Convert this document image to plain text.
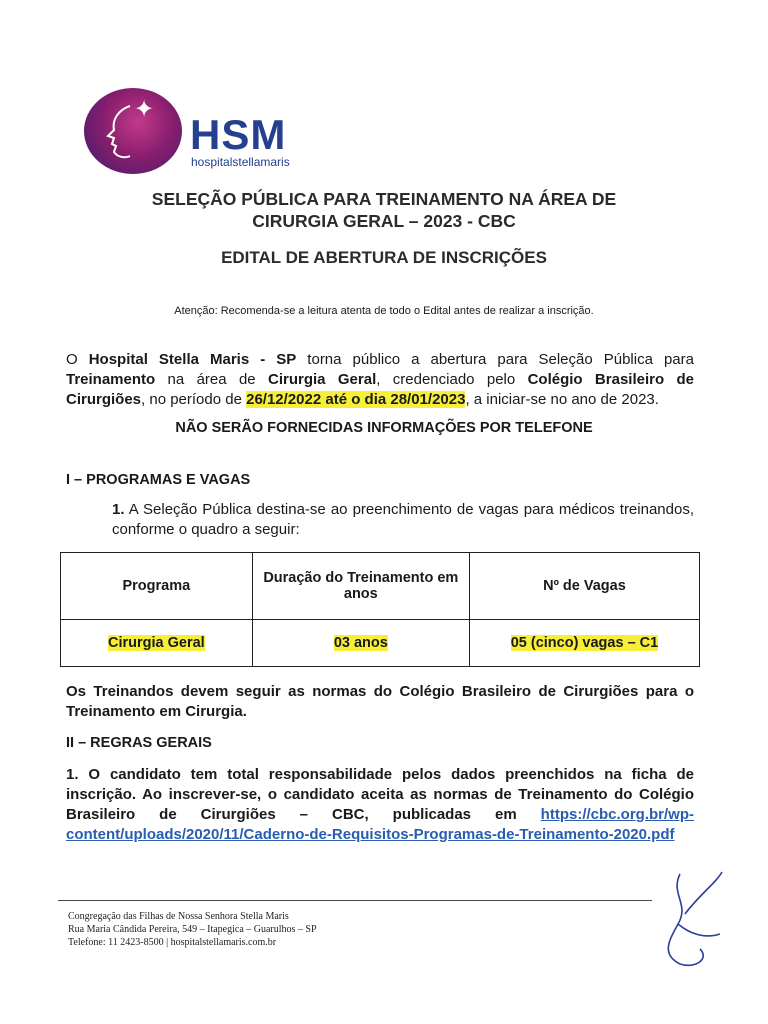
✦
HSM
hospitalstellamaris
SELEÇÃO PÚBLICA PARA TREINAMENTO NA ÁREA DE
CIRURGIA GERAL – 2023 - CBC
EDITAL DE ABERTURA DE INSCRIÇÕES
Atenção: Recomenda-se a leitura atenta de todo o Edital antes de realizar a inscrição.
O Hospital Stella Maris - SP torna público a abertura para Seleção Pública para Treinamento na área de Cirurgia Geral, credenciado pelo Colégio Brasileiro de Cirurgiões, no período de 26/12/2022 até o dia 28/01/2023, a iniciar-se no ano de 2023.
NÃO SERÃO FORNECIDAS INFORMAÇÕES POR TELEFONE
I – PROGRAMAS E VAGAS
1. A Seleção Pública destina-se ao preenchimento de vagas para médicos treinandos, conforme o quadro a seguir:
Programa	Duração do Treinamento em anos	Nº de Vagas
Cirurgia Geral	03 anos	05 (cinco) vagas – C1
Os Treinandos devem seguir as normas do Colégio Brasileiro de Cirurgiões para o Treinamento em Cirurgia.
II – REGRAS GERAIS
1. O candidato tem total responsabilidade pelos dados preenchidos na ficha de inscrição. Ao inscrever-se, o candidato aceita as normas de Treinamento do Colégio Brasileiro de Cirurgiões – CBC, publicadas em https://cbc.org.br/wp-content/uploads/2020/11/Caderno-de-Requisitos-Programas-de-Treinamento-2020.pdf
Congregação das Filhas de Nossa Senhora Stella Maris
Rua Maria Cândida Pereira, 549 – Itapegica – Guarulhos – SP
Telefone: 11 2423-8500 | hospitalstellamaris.com.br
